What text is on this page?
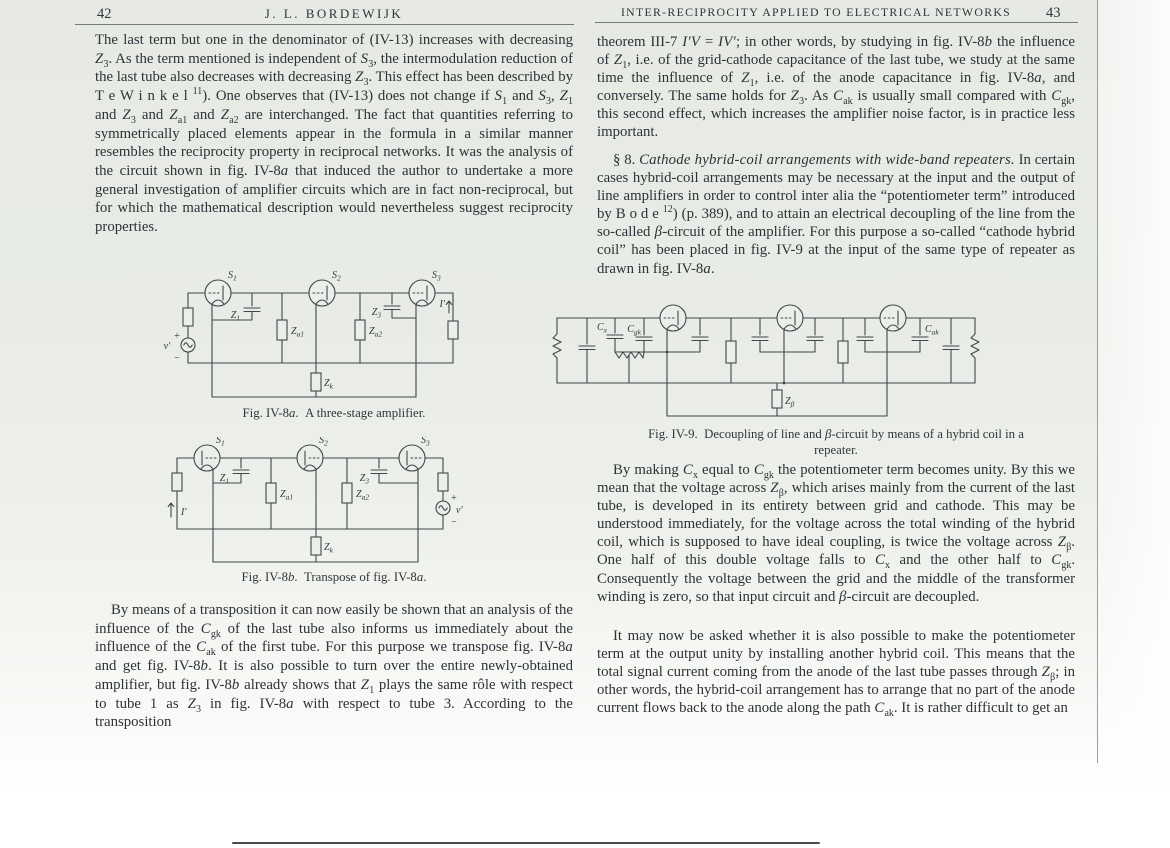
42	J. L. BORDEWIJK
The last term but one in the denominator of (IV-13) increases with decreasing $Z_3$. As the term mentioned is independent of $S_3$, the intermodulation reduction of the last tube also decreases with decreasing $Z_3$. This effect has been described by T e W i n k e l $^{11}$). One observes that (IV-13) does not change if $S_1$ and $S_3$, $Z_1$ and $Z_3$ and $Z_{a1}$ and $Z_{a2}$ are interchanged. The fact that quantities referring to symmetrically placed elements appear in the formula in a similar manner resembles the reciprocity property in reciprocal networks. It was the analysis of the circuit shown in fig. IV-8a that induced the author to undertake a more general investigation of amplifier circuits which are in fact non-reciprocal, but for which the mathematical description would nevertheless suggest reciprocity properties.
v′
+
−
$S_1$	$S_2$	$S_3$
$Z_1$
$Z_{a1}$	$Z_{a2}$
$Z_3$
I′
$Z_k$
Fig. IV-8a. A three-stage amplifier.
I′
$S_1$	$S_2$	$S_3$
$Z_1$
$Z_{a1}$	$Z_{a2}$
$Z_3$
+
v′
−
$Z_k$
Fig. IV-8b. Transpose of fig. IV-8a.
By means of a transposition it can now easily be shown that an analysis of the influence of the $C_{gk}$ of the last tube also informs us immediately about the influence of the $C_{ak}$ of the first tube. For this purpose we transpose fig. IV-8a and get fig. IV-8b. It is also possible to turn over the entire newly-obtained amplifier, but fig. IV-8b already shows that $Z_1$ plays the same rôle with respect to tube 1 as $Z_3$ in fig. IV-8a with respect to tube 3. According to the transposition
INTER-RECIPROCITY APPLIED TO ELECTRICAL NETWORKS	43
theorem III-7 I′V = IV′; in other words, by studying in fig. IV-8b the influence of $Z_1$, i.e. of the grid-cathode capacitance of the last tube, we study at the same time the influence of $Z_1$, i.e. of the anode capacitance in fig. IV-8a, and conversely. The same holds for $Z_3$. As $C_{ak}$ is usually small compared with $C_{gk}$, this second effect, which increases the amplifier noise factor, is in practice less important.
§ 8. Cathode hybrid-coil arrangements with wide-band repeaters. In certain cases hybrid-coil arrangements may be necessary at the input and the output of line amplifiers in order to control inter alia the “potentiometer term” introduced by B o d e $^{12}$) (p. 389), and to attain an electrical decoupling of the line from the so-called β-circuit of the amplifier. For this purpose a so-called “cathode hybrid coil” has been placed in fig. IV-9 at the input of the same type of repeater as drawn in fig. IV-8a.
$C_x$ $C_{gk}$	$C_{ak}$
$Z_\beta$
Fig. IV-9. Decoupling of line and β-circuit by means of a hybrid coil in a
repeater.
By making $C_x$ equal to $C_{gk}$ the potentiometer term becomes unity. By this we mean that the voltage across $Z_\beta$, which arises mainly from the current of the last tube, is developed in its entirety between grid and cathode. This may be understood immediately, for the voltage across the total winding of the hybrid coil, which is supposed to have ideal coupling, is twice the voltage across $Z_\beta$. One half of this double voltage falls to $C_x$ and the other half to $C_{gk}$. Consequently the voltage between the grid and the middle of the transformer winding is zero, so that input circuit and β-circuit are decoupled.
It may now be asked whether it is also possible to make the potentiometer term at the output unity by installing another hybrid coil. This means that the total signal current coming from the anode of the last tube passes through $Z_\beta$; in other words, the hybrid-coil arrangement has to arrange that no part of the anode current flows back to the anode along the path $C_{ak}$. It is rather difficult to get an
